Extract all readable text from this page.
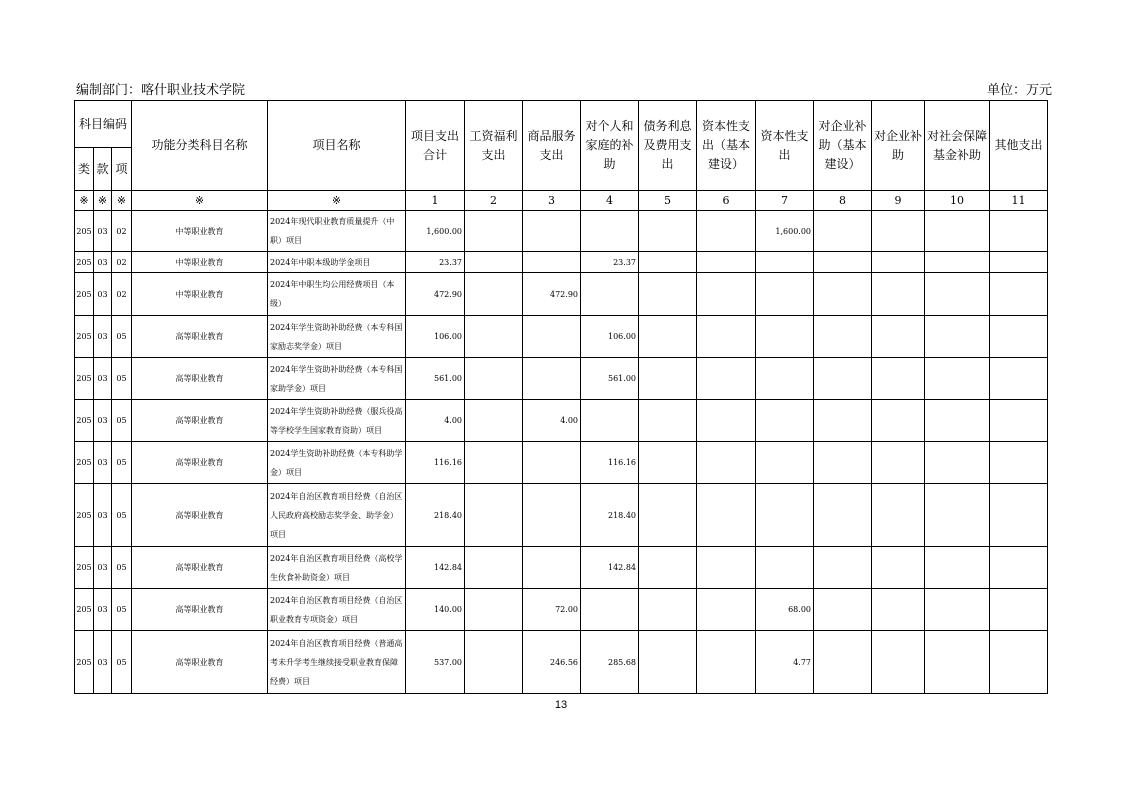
编制部门：喀什职业技术学院	单位：万元
科目编码			功能分类科目名称	项目名称	项目支出合计	工资福利支出	商品服务支出	对个人和家庭的补助	债务利息及费用支出	资本性支出（基本建设）	资本性支出	对企业补助（基本建设）	对企业补助	对社会保障基金补助	其他支出
类	款	项													
※	※	※	※	※	1	2	3	4	5	6	7	8	9	10	11
205	03	02	中等职业教育	2024年现代职业教育质量提升（中职）项目	1,600.00						1,600.00				
205	03	02	中等职业教育	2024年中职本级助学金项目	23.37			23.37							
205	03	02	中等职业教育	2024年中职生均公用经费项目（本级）	472.90		472.90								
205	03	05	高等职业教育	2024年学生资助补助经费（本专科国家励志奖学金）项目	106.00			106.00							
205	03	05	高等职业教育	2024年学生资助补助经费（本专科国家助学金）项目	561.00			561.00							
205	03	05	高等职业教育	2024年学生资助补助经费（服兵役高等学校学生国家教育资助）项目	4.00		4.00								
205	03	05	高等职业教育	2024学生资助补助经费（本专科助学金）项目	116.16			116.16							
205	03	05	高等职业教育	2024年自治区教育项目经费（自治区人民政府高校励志奖学金、助学金）项目	218.40			218.40							
205	03	05	高等职业教育	2024年自治区教育项目经费（高校学生伙食补助资金）项目	142.84			142.84							
205	03	05	高等职业教育	2024年自治区教育项目经费（自治区职业教育专项资金）项目	140.00		72.00				68.00				
205	03	05	高等职业教育	2024年自治区教育项目经费（普通高考未升学考生继续接受职业教育保障经费）项目	537.00		246.56	285.68			4.77				
13
